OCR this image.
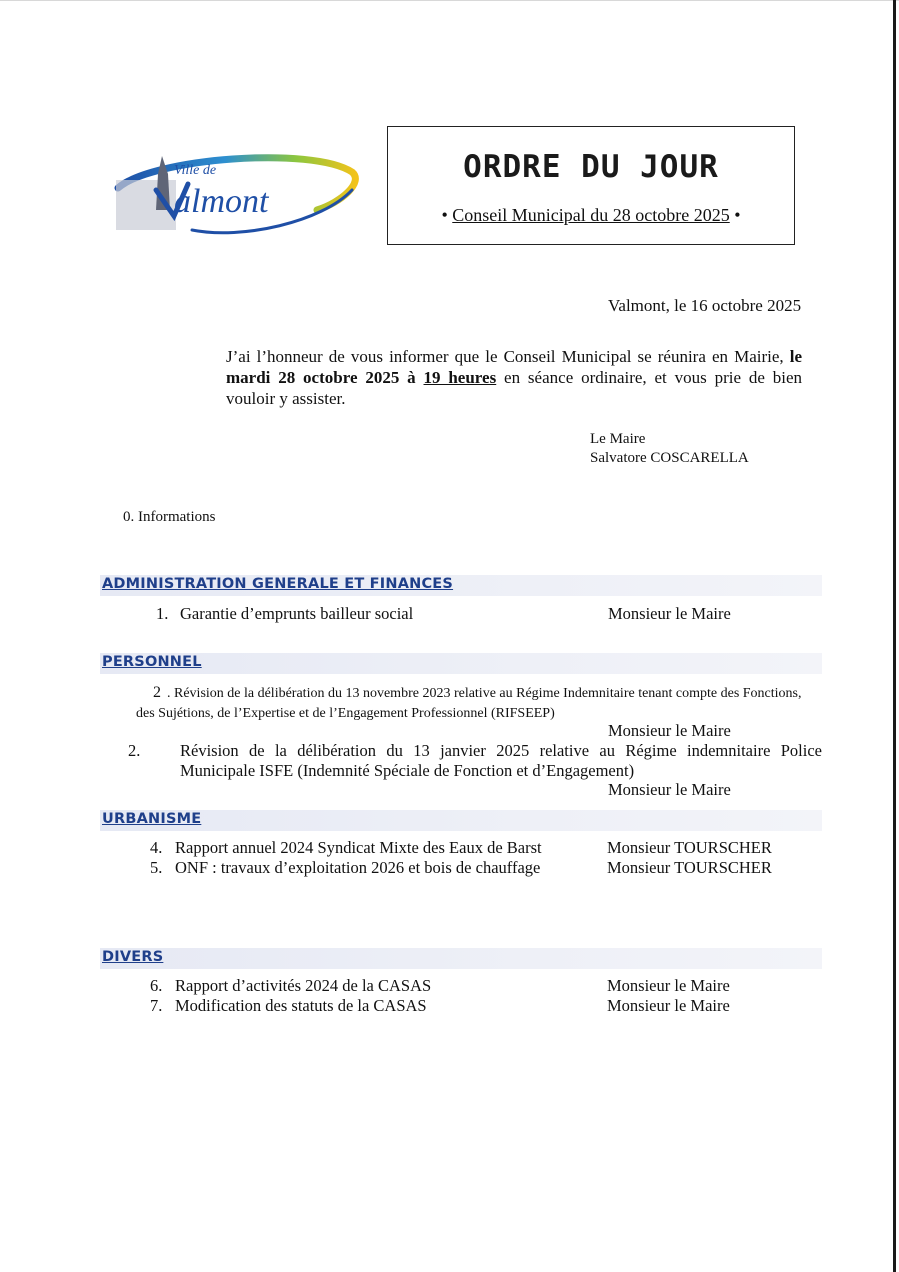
Ville de
almont
ORDRE DU JOUR
• Conseil Municipal du 28 octobre 2025 •
Valmont, le 16 octobre 2025
J’ai l’honneur de vous informer que le Conseil Municipal se réunira en Mairie, le mardi 28 octobre 2025 à 19 heures en séance ordinaire, et vous prie de bien vouloir y assister.
Le Maire
Salvatore COSCARELLA
0. Informations
ADMINISTRATION GENERALE ET FINANCES
1. Garantie d’emprunts bailleur social	Monsieur le Maire
PERSONNEL
2 . Révision de la délibération du 13 novembre 2023 relative au Régime Indemnitaire tenant compte des Fonctions, des Sujétions, de l’Expertise et de l’Engagement Professionnel (RIFSEEP)
Monsieur le Maire
2. Révision de la délibération du 13 janvier 2025 relative au Régime indemnitaire Police Municipale ISFE (Indemnité Spéciale de Fonction et d’Engagement)
Monsieur le Maire
URBANISME
4. Rapport annuel 2024 Syndicat Mixte des Eaux de Barst	Monsieur TOURSCHER
5. ONF : travaux d’exploitation 2026 et bois de chauffage	Monsieur TOURSCHER
DIVERS
6. Rapport d’activités 2024 de la CASAS	Monsieur le Maire
7. Modification des statuts de la CASAS	Monsieur le Maire
